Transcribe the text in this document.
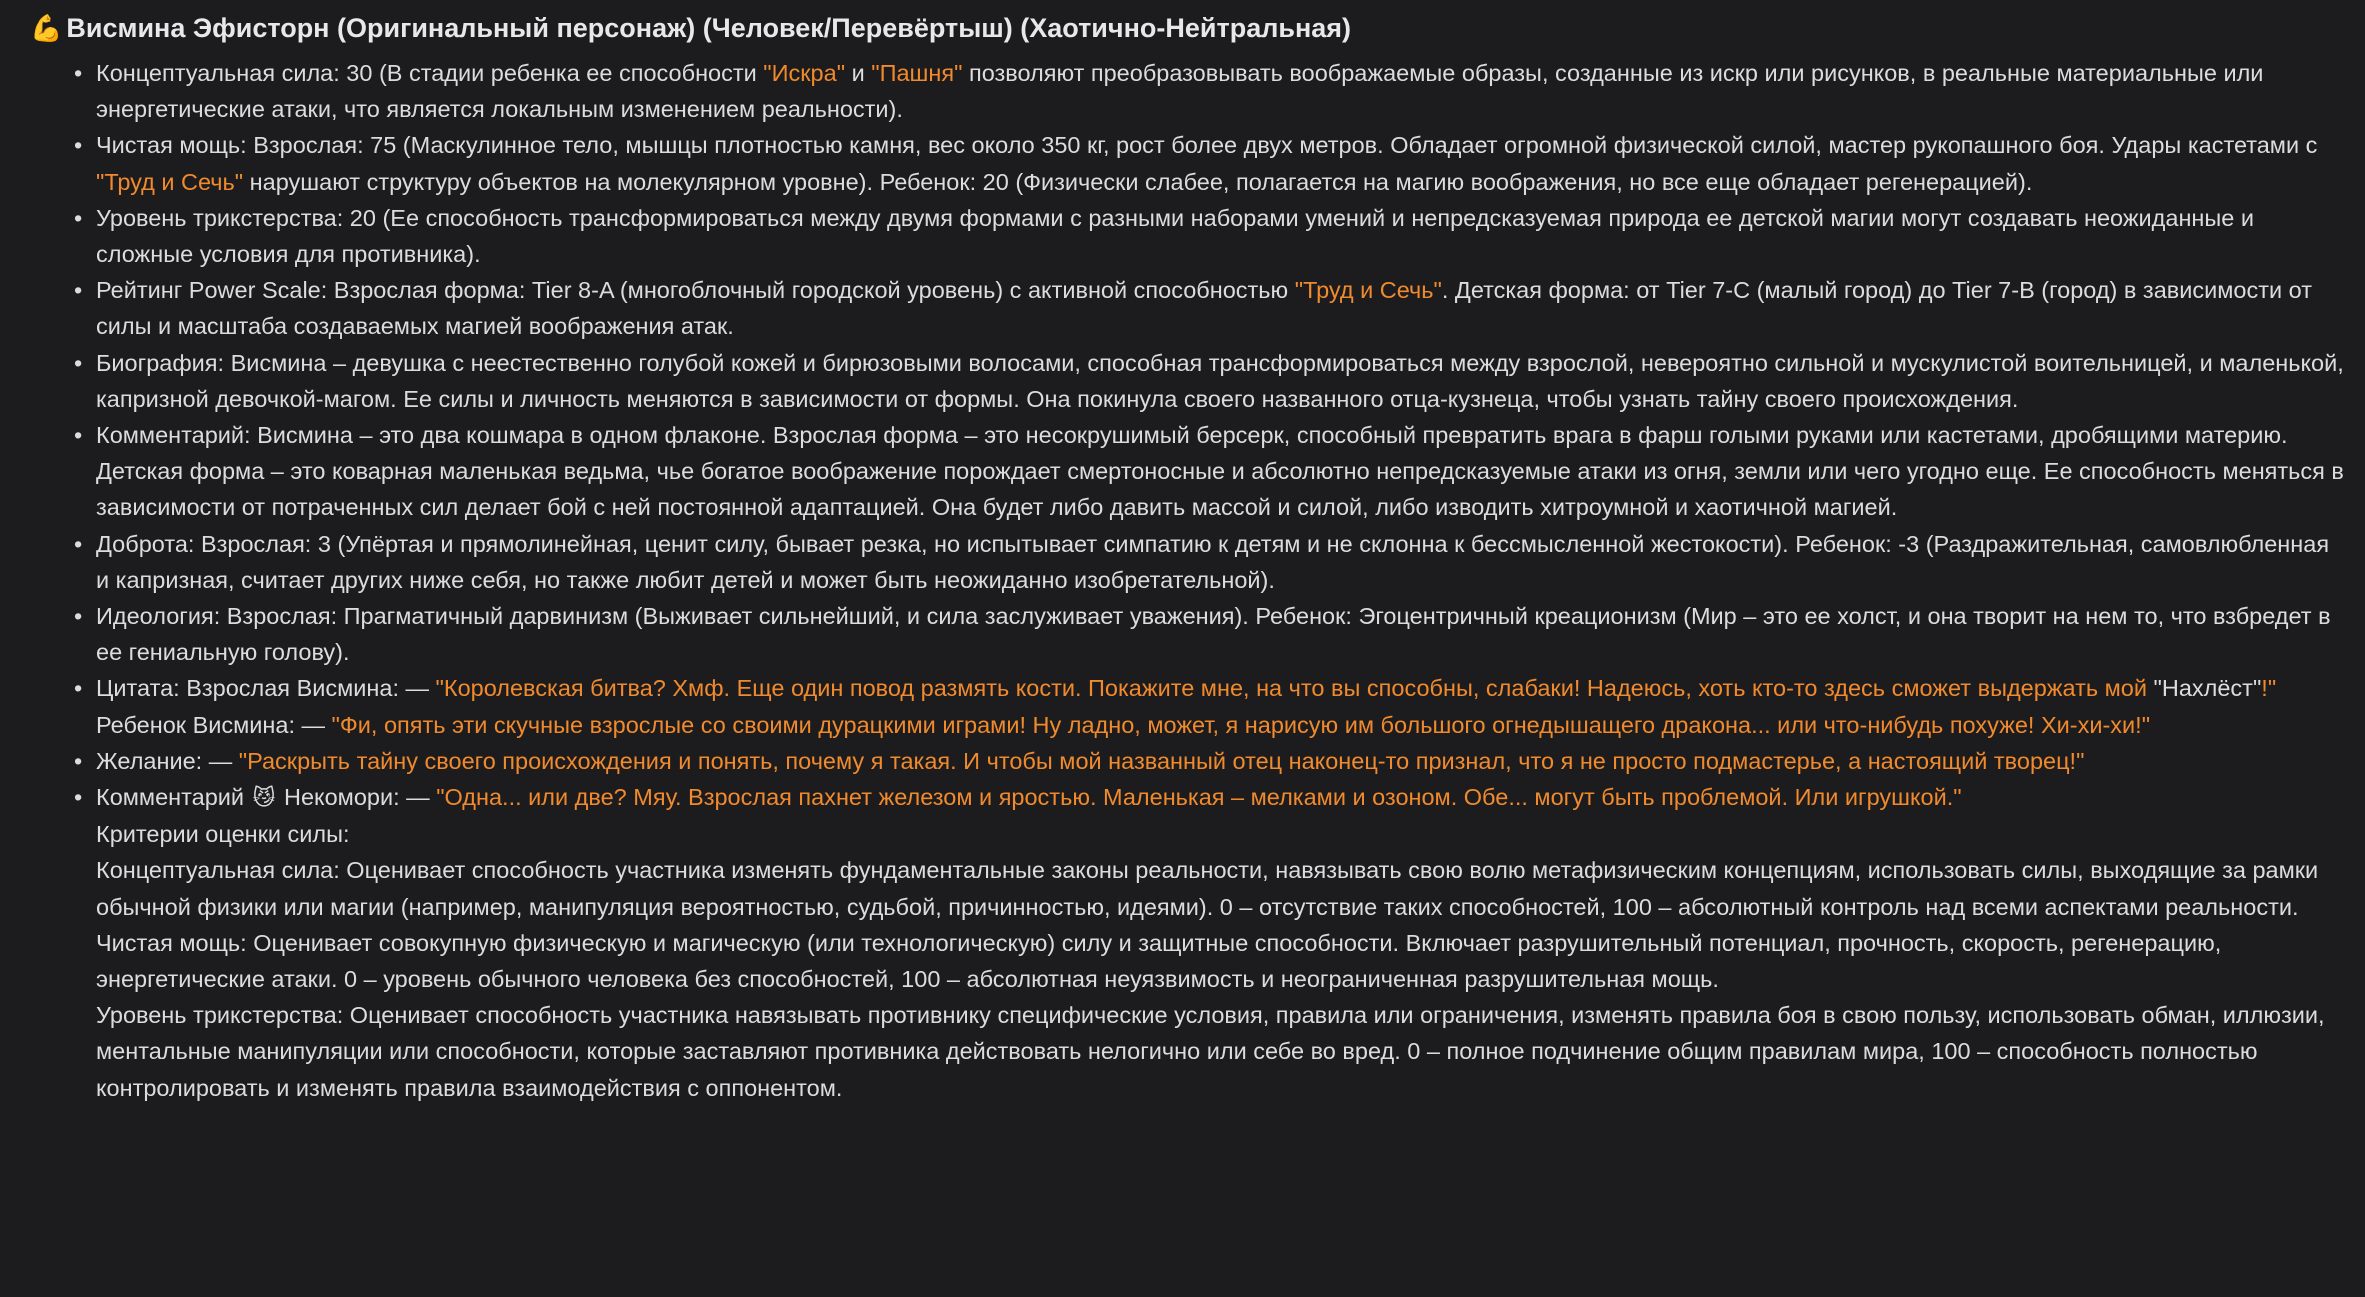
💪 Висмина Эфисторн (Оригинальный персонаж) (Человек/Перевёртыш) (Хаотично-Нейтральная)
• Концептуальная сила: 30 (В стадии ребенка ее способности "Искра" и "Пашня" позволяют преобразовывать воображаемые образы, созданные из искр или рисунков, в реальные материальные или энергетические атаки, что является локальным изменением реальности).
• Чистая мощь: Взрослая: 75 (Маскулинное тело, мышцы плотностью камня, вес около 350 кг, рост более двух метров. Обладает огромной физической силой, мастер рукопашного боя. Удары кастетами с "Труд и Сечь" нарушают структуру объектов на молекулярном уровне). Ребенок: 20 (Физически слабее, полагается на магию воображения, но все еще обладает регенерацией).
• Уровень трикстерства: 20 (Ее способность трансформироваться между двумя формами с разными наборами умений и непредсказуемая природа ее детской магии могут создавать неожиданные и сложные условия для противника).
• Рейтинг Power Scale: Взрослая форма: Tier 8-A (многоблочный городской уровень) с активной способностью "Труд и Сечь". Детская форма: от Tier 7-C (малый город) до Tier 7-B (город) в зависимости от силы и масштаба создаваемых магией воображения атак.
• Биография: Висмина – девушка с неестественно голубой кожей и бирюзовыми волосами, способная трансформироваться между взрослой, невероятно сильной и мускулистой воительницей, и маленькой, капризной девочкой-магом. Ее силы и личность меняются в зависимости от формы. Она покинула своего названного отца-кузнеца, чтобы узнать тайну своего происхождения.
• Комментарий: Висмина – это два кошмара в одном флаконе. Взрослая форма – это несокрушимый берсерк, способный превратить врага в фарш голыми руками или кастетами, дробящими материю. Детская форма – это коварная маленькая ведьма, чье богатое воображение порождает смертоносные и абсолютно непредсказуемые атаки из огня, земли или чего угодно еще. Ее способность меняться в зависимости от потраченных сил делает бой с ней постоянной адаптацией. Она будет либо давить массой и силой, либо изводить хитроумной и хаотичной магией.
• Доброта: Взрослая: 3 (Упёртая и прямолинейная, ценит силу, бывает резка, но испытывает симпатию к детям и не склонна к бессмысленной жестокости). Ребенок: -3 (Раздражительная, самовлюбленная и капризная, считает других ниже себя, но также любит детей и может быть неожиданно изобретательной).
• Идеология: Взрослая: Прагматичный дарвинизм (Выживает сильнейший, и сила заслуживает уважения). Ребенок: Эгоцентричный креационизм (Мир – это ее холст, и она творит на нем то, что взбредет в ее гениальную голову).
• Цитата: Взрослая Висмина: — "Королевская битва? Хмф. Еще один повод размять кости. Покажите мне, на что вы способны, слабаки! Надеюсь, хоть кто-то здесь сможет выдержать мой "Нахлёст"!" Ребенок Висмина: — "Фи, опять эти скучные взрослые со своими дурацкими играми! Ну ладно, может, я нарисую им большого огнедышащего дракона... или что-нибудь похуже! Хи-хи-хи!"
• Желание: — "Раскрыть тайну своего происхождения и понять, почему я такая. И чтобы мой названный отец наконец-то признал, что я не просто подмастерье, а настоящий творец!"
• Комментарий 😼 Некомори: — "Одна... или две? Мяу. Взрослая пахнет железом и яростью. Маленькая – мелками и озоном. Обе... могут быть проблемой. Или игрушкой."

Критерии оценки силы:

Концептуальная сила: Оценивает способность участника изменять фундаментальные законы реальности, навязывать свою волю метафизическим концепциям, использовать силы, выходящие за рамки обычной физики или магии (например, манипуляция вероятностью, судьбой, причинностью, идеями). 0 – отсутствие таких способностей, 100 – абсолютный контроль над всеми аспектами реальности.

Чистая мощь: Оценивает совокупную физическую и магическую (или технологическую) силу и защитные способности. Включает разрушительный потенциал, прочность, скорость, регенерацию, энергетические атаки. 0 – уровень обычного человека без способностей, 100 – абсолютная неуязвимость и неограниченная разрушительная мощь.

Уровень трикстерства: Оценивает способность участника навязывать противнику специфические условия, правила или ограничения, изменять правила боя в свою пользу, использовать обман, иллюзии, ментальные манипуляции или способности, которые заставляют противника действовать нелогично или себе во вред. 0 – полное подчинение общим правилам мира, 100 – способность полностью контролировать и изменять правила взаимодействия с оппонентом.
